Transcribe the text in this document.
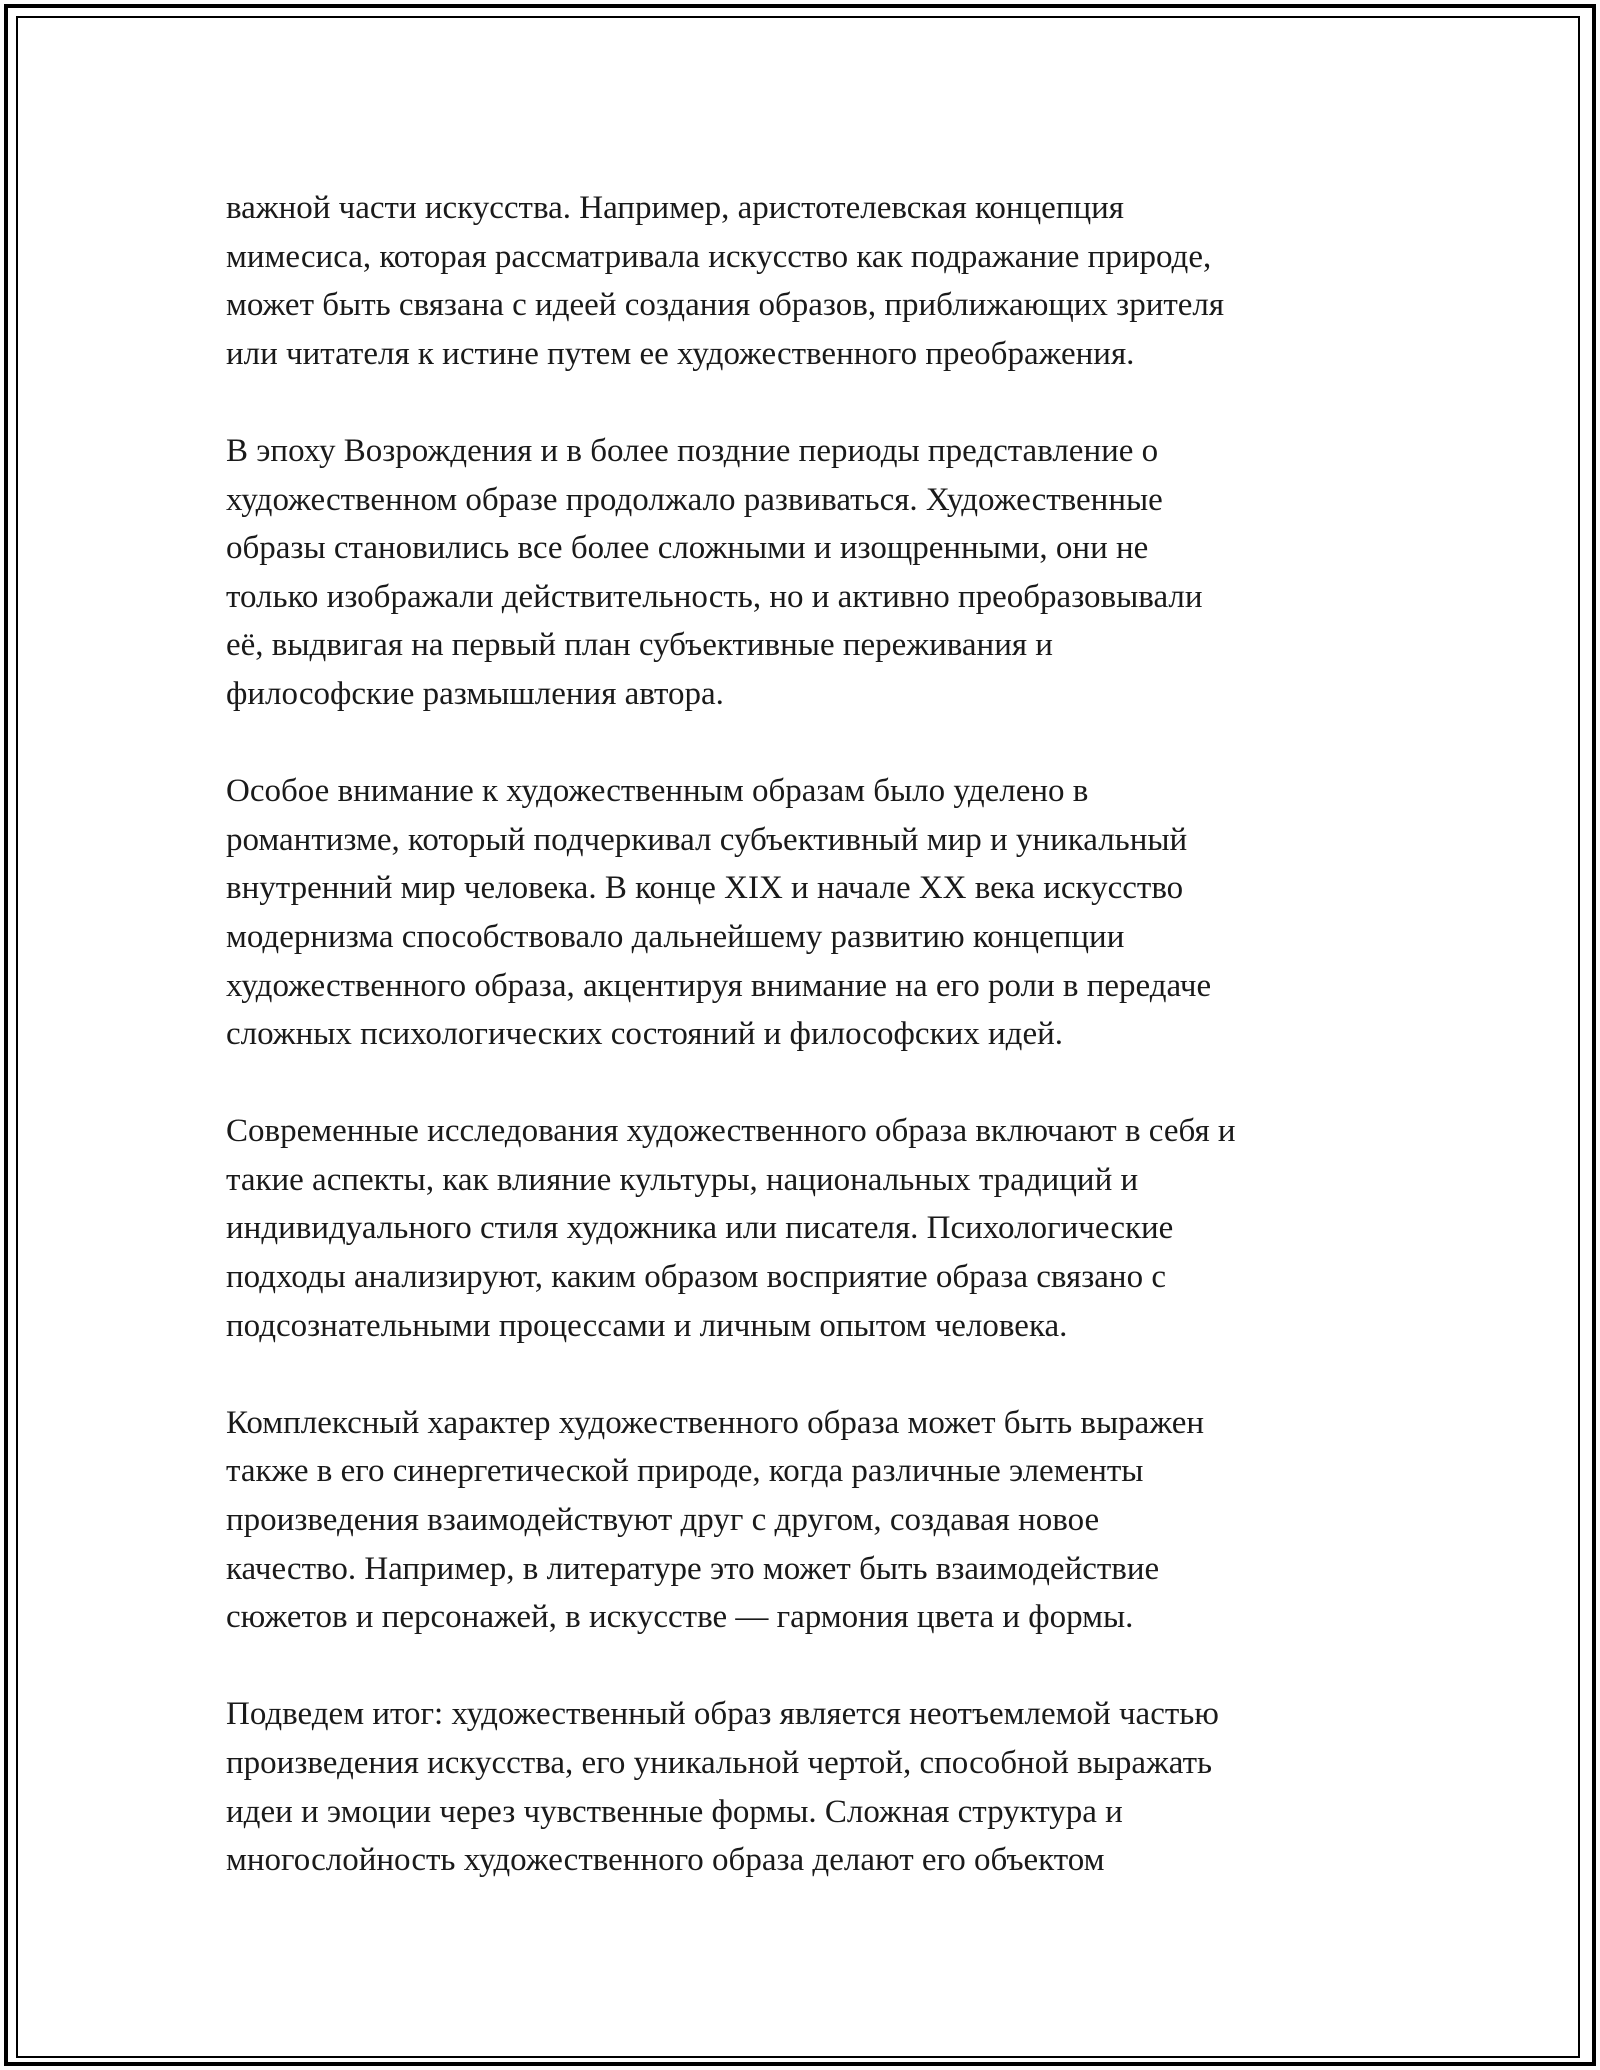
важной части искусства. Например, аристотелевская концепция
мимесиса, которая рассматривала искусство как подражание природе,
может быть связана с идеей создания образов, приближающих зрителя
или читателя к истине путем ее художественного преображения.

В эпоху Возрождения и в более поздние периоды представление о
художественном образе продолжало развиваться. Художественные
образы становились все более сложными и изощренными, они не
только изображали действительность, но и активно преобразовывали
её, выдвигая на первый план субъективные переживания и
философские размышления автора.

Особое внимание к художественным образам было уделено в
романтизме, который подчеркивал субъективный мир и уникальный
внутренний мир человека. В конце XIX и начале XX века искусство
модернизма способствовало дальнейшему развитию концепции
художественного образа, акцентируя внимание на его роли в передаче
сложных психологических состояний и философских идей.

Современные исследования художественного образа включают в себя и
такие аспекты, как влияние культуры, национальных традиций и
индивидуального стиля художника или писателя. Психологические
подходы анализируют, каким образом восприятие образа связано с
подсознательными процессами и личным опытом человека.

Комплексный характер художественного образа может быть выражен
также в его синергетической природе, когда различные элементы
произведения взаимодействуют друг с другом, создавая новое
качество. Например, в литературе это может быть взаимодействие
сюжетов и персонажей, в искусстве — гармония цвета и формы.

Подведем итог: художественный образ является неотъемлемой частью
произведения искусства, его уникальной чертой, способной выражать
идеи и эмоции через чувственные формы. Сложная структура и
многослойность художественного образа делают его объектом
